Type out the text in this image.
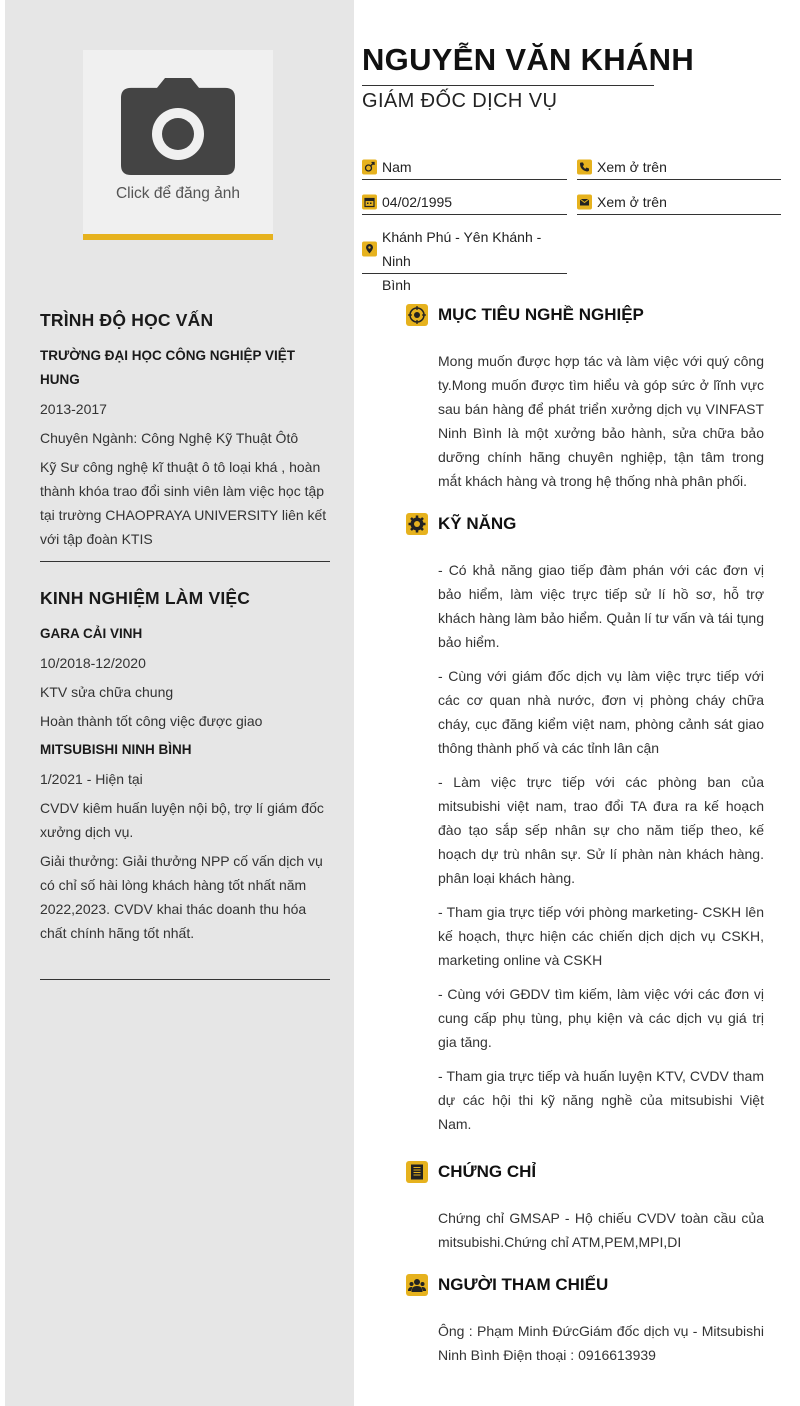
Click để đăng ảnh
TRÌNH ĐỘ HỌC VẤN
TRƯỜNG ĐẠI HỌC CÔNG NGHIỆP VIỆT HUNG
2013-2017
Chuyên Ngành: Công Nghệ Kỹ Thuật Ôtô
Kỹ Sư công nghệ kĩ thuật ô tô loại khá , hoàn thành khóa trao đổi sinh viên làm việc học tập tại trường CHAOPRAYA UNIVERSITY liên kết với tập đoàn KTIS
KINH NGHIỆM LÀM VIỆC
GARA CẢI VINH
10/2018-12/2020
KTV sửa chữa chung
Hoàn thành tốt công việc được giao
MITSUBISHI NINH BÌNH
1/2021 - Hiện tại
CVDV kiêm huấn luyện nội bộ, trợ lí giám đốc xưởng dịch vụ.
Giải thưởng: Giải thưởng NPP cố vấn dịch vụ có chỉ số hài lòng khách hàng tốt nhất năm 2022,2023. CVDV khai thác doanh thu hóa chất chính hãng tốt nhất.
NGUYỄN VĂN KHÁNH
GIÁM ĐỐC DỊCH VỤ
Nam	Xem ở trên
04/02/1995	Xem ở trên
Khánh Phú - Yên Khánh - Ninh
Bình
MỤC TIÊU NGHỀ NGHIỆP
Mong muốn được hợp tác và làm việc với quý công ty.Mong muốn được tìm hiểu và góp sức ở lĩnh vực sau bán hàng để phát triển xưởng dịch vụ VINFAST Ninh Bình là một xưởng bảo hành, sửa chữa bảo dưỡng chính hãng chuyên nghiệp, tận tâm trong mắt khách hàng và trong hệ thống nhà phân phối.
KỸ NĂNG
- Có khả năng giao tiếp đàm phán với các đơn vị bảo hiểm, làm việc trực tiếp sử lí hồ sơ, hỗ trợ khách hàng làm bảo hiểm. Quản lí tư vấn và tái tụng bảo hiểm.
- Cùng với giám đốc dịch vụ làm việc trực tiếp với các cơ quan nhà nước, đơn vị phòng cháy chữa cháy, cục đăng kiểm việt nam, phòng cảnh sát giao thông thành phố và các tỉnh lân cận
- Làm việc trực tiếp với các phòng ban của mitsubishi việt nam, trao đổi TA đưa ra kế hoạch đào tạo sắp sếp nhân sự cho năm tiếp theo, kế hoạch dự trù nhân sự. Sử lí phàn nàn khách hàng. phân loại khách hàng.
- Tham gia trực tiếp với phòng marketing- CSKH lên kế hoạch, thực hiện các chiến dịch dịch vụ CSKH, marketing online và CSKH
- Cùng với GĐDV tìm kiếm, làm việc với các đơn vị cung cấp phụ tùng, phụ kiện và các dịch vụ giá trị gia tăng.
- Tham gia trực tiếp và huấn luyện KTV, CVDV tham dự các hội thi kỹ năng nghề của mitsubishi Việt Nam.
CHỨNG CHỈ
Chứng chỉ GMSAP - Hộ chiếu CVDV toàn cầu của mitsubishi.Chứng chỉ ATM,PEM,MPI,DI
NGƯỜI THAM CHIẾU
Ông : Phạm Minh ĐứcGiám đốc dịch vụ - Mitsubishi Ninh Bình Điện thoại : 0916613939
